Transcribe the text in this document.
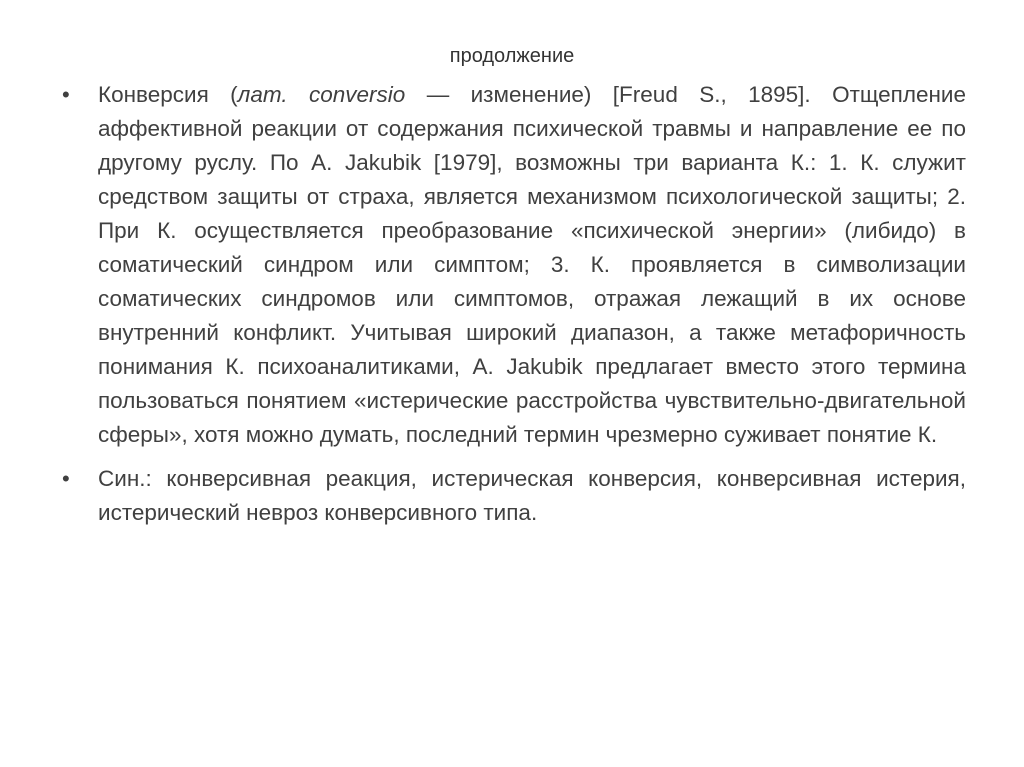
продолжение
•	Конверсия (лат. conversio — изменение) [Freud S., 1895]. Отщепление аффективной реакции от содержания психической травмы и направление ее по другому руслу. По A. Jakubik [1979], возможны три варианта К.: 1. К. служит средством защиты от страха, является механизмом психологической защиты; 2. При К. осуществляется преобразование «психической энергии» (либидо) в соматический синдром или симптом; 3. К. проявляется в символизации соматических синдромов или симптомов, отражая лежащий в их основе внутренний конфликт. Учитывая широкий диапазон, а также метафоричность понимания К. психоаналитиками, A. Jakubik предлагает вместо этого термина пользоваться понятием «истерические расстройства чувствительно-двигательной сферы», хотя можно думать, последний термин чрезмерно суживает понятие К.
•	Син.: конверсивная реакция, истерическая конверсия, конверсивная истерия, истерический невроз конверсивного типа.
